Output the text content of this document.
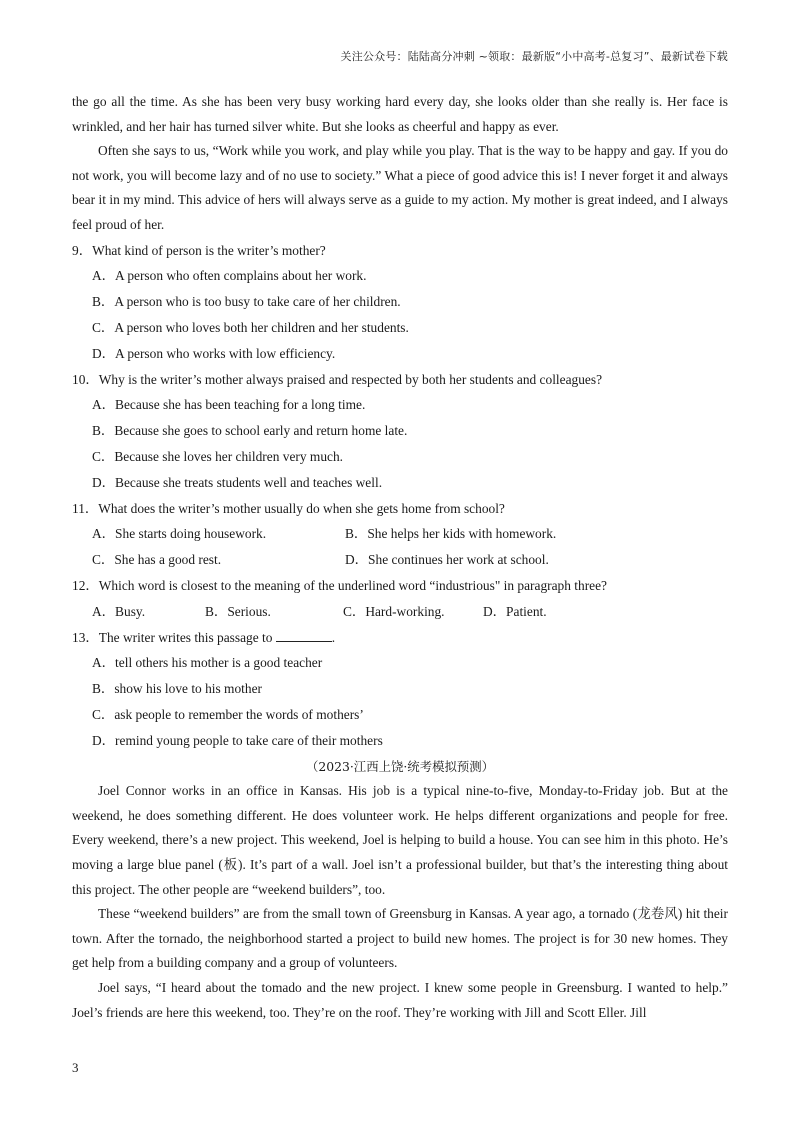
关注公众号：陆陆高分冲刺 ~领取：最新版“小中高考-总复习”、最新试卷下载

the go all the time. As she has been very busy working hard every day, she looks older than she really is. Her face is wrinkled, and her hair has turned silver white. But she looks as cheerful and happy as ever.

Often she says to us, “Work while you work, and play while you play. That is the way to be happy and gay. If you do not work, you will become lazy and of no use to society.” What a piece of good advice this is! I never forget it and always bear it in my mind. This advice of hers will always serve as a guide to my action. My mother is great indeed, and I always feel proud of her.

9．What kind of person is the writer’s mother?

A．A person who often complains about her work.

B．A person who is too busy to take care of her children.

C．A person who loves both her children and her students.

D．A person who works with low efficiency.

10．Why is the writer’s mother always praised and respected by both her students and colleagues?

A．Because she has been teaching for a long time.

B．Because she goes to school early and return home late.

C．Because she loves her children very much.

D．Because she treats students well and teaches well.

11．What does the writer’s mother usually do when she gets home from school?

A．She starts doing housework.	B．She helps her kids with homework.
C．She has a good rest.	D．She continues her work at school.

12．Which word is closest to the meaning of the underlined word “industrious" in paragraph three?

A．Busy.	B．Serious.	C．Hard-working.	D．Patient.

13．The writer writes this passage to	.

A．tell others his mother is a good teacher

B．show his love to his mother

C．ask people to remember the words of mothers’

D．remind young people to take care of their mothers

（2023·江西上饶·统考模拟预测）

Joel Connor works in an office in Kansas. His job is a typical nine-to-five, Monday-to-Friday job. But at the weekend, he does something different. He does volunteer work. He helps different organizations and people for free. Every weekend, there’s a new project. This weekend, Joel is helping to build a house. You can see him in this photo. He’s moving a large blue panel (板). It’s part of a wall. Joel isn’t a professional builder, but that’s the interesting thing about this project. The other people are “weekend builders”, too.

These “weekend builders” are from the small town of Greensburg in Kansas. A year ago, a tornado (龙卷风) hit their town. After the tornado, the neighborhood started a project to build new homes. The project is for 30 new homes. They get help from a building company and a group of volunteers.

Joel says, “I heard about the tomado and the new project. I knew some people in Greensburg. I wanted to help.” Joel’s friends are here this weekend, too. They’re on the roof. They’re working with Jill and Scott Eller. Jill

3
